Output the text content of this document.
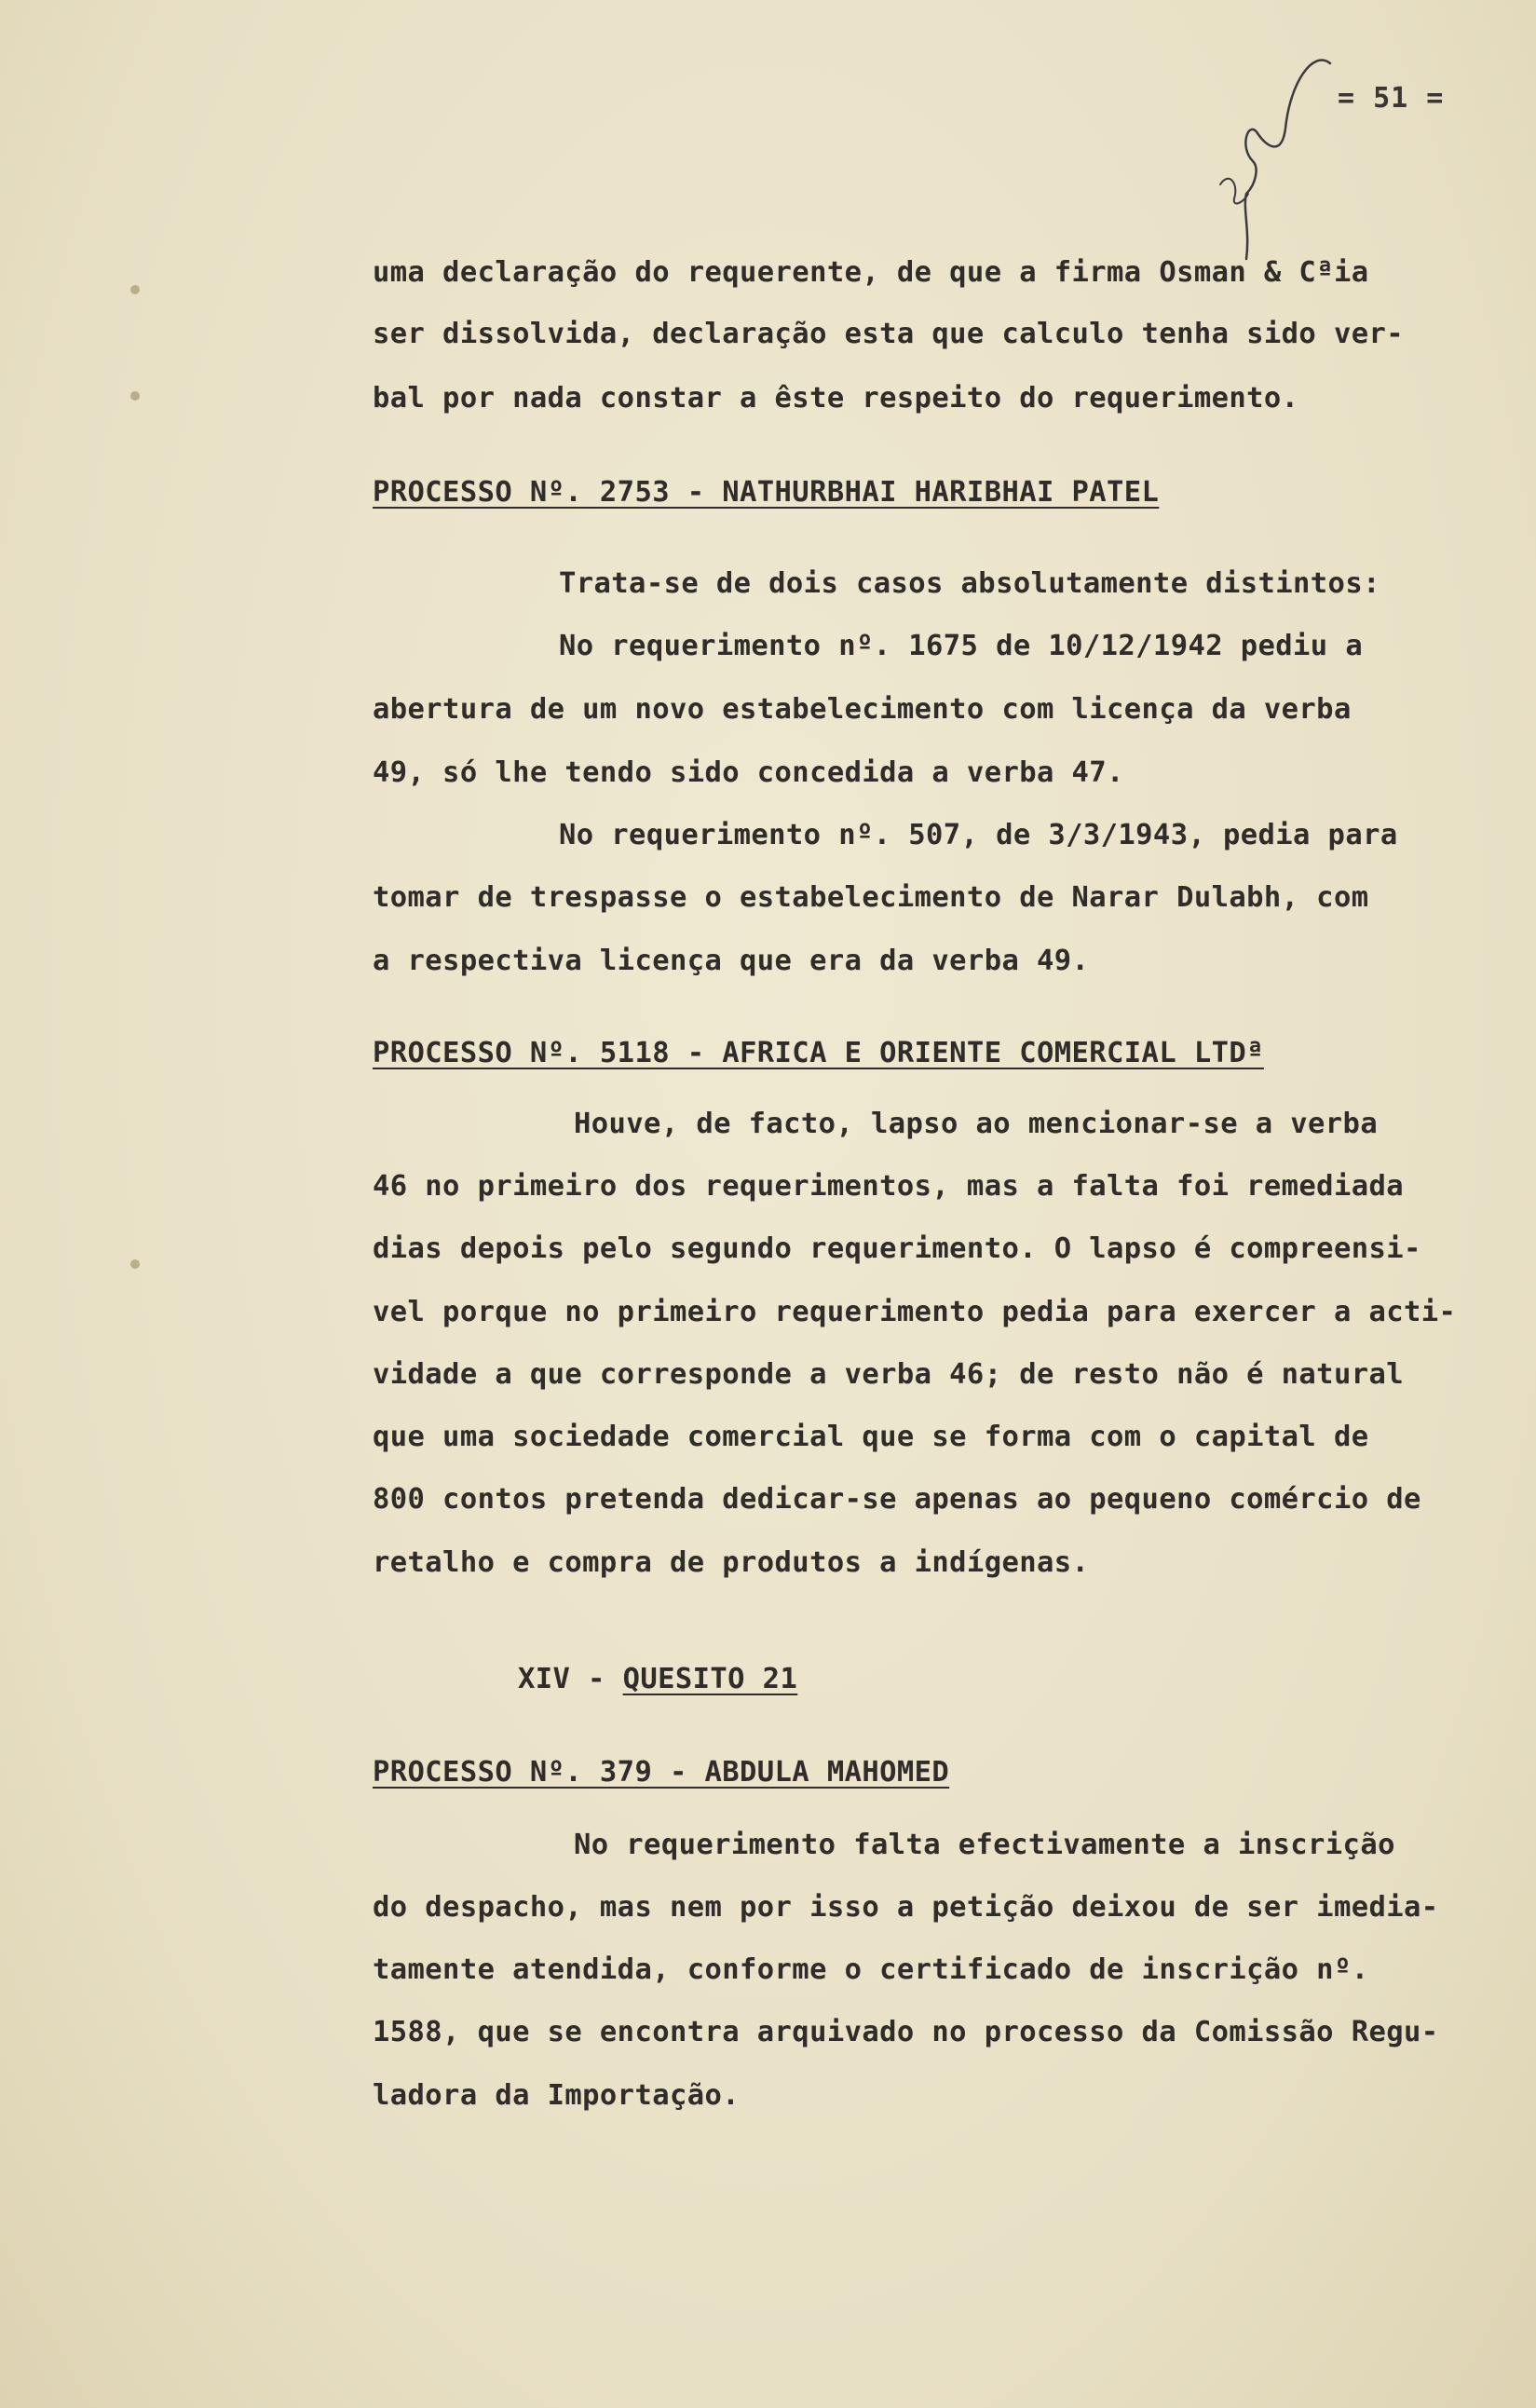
= 51 =
uma declaração do requerente, de que a firma Osman & Cªia
ser dissolvida, declaração esta que calculo tenha sido ver-
bal por nada constar a êste respeito do requerimento.
PROCESSO Nº. 2753 - NATHURBHAI HARIBHAI PATEL
Trata-se de dois casos absolutamente distintos:
No requerimento nº. 1675 de 10/12/1942 pediu a
abertura de um novo estabelecimento com licença da verba
49, só lhe tendo sido concedida a verba 47.
No requerimento nº. 507, de 3/3/1943, pedia para
tomar de trespasse o estabelecimento de Narar Dulabh, com
a respectiva licença que era da verba 49.
PROCESSO Nº. 5118 - AFRICA E ORIENTE COMERCIAL LTDª
Houve, de facto, lapso ao mencionar-se a verba
46 no primeiro dos requerimentos, mas a falta foi remediada
dias depois pelo segundo requerimento. O lapso é compreensi-
vel porque no primeiro requerimento pedia para exercer a acti-
vidade a que corresponde a verba 46; de resto não é natural
que uma sociedade comercial que se forma com o capital de
800 contos pretenda dedicar-se apenas ao pequeno comércio de
retalho e compra de produtos a indígenas.
XIV - QUESITO 21
PROCESSO Nº. 379 - ABDULA MAHOMED
No requerimento falta efectivamente a inscrição
do despacho, mas nem por isso a petição deixou de ser imedia-
tamente atendida, conforme o certificado de inscrição nº.
1588, que se encontra arquivado no processo da Comissão Regu-
ladora da Importação.
